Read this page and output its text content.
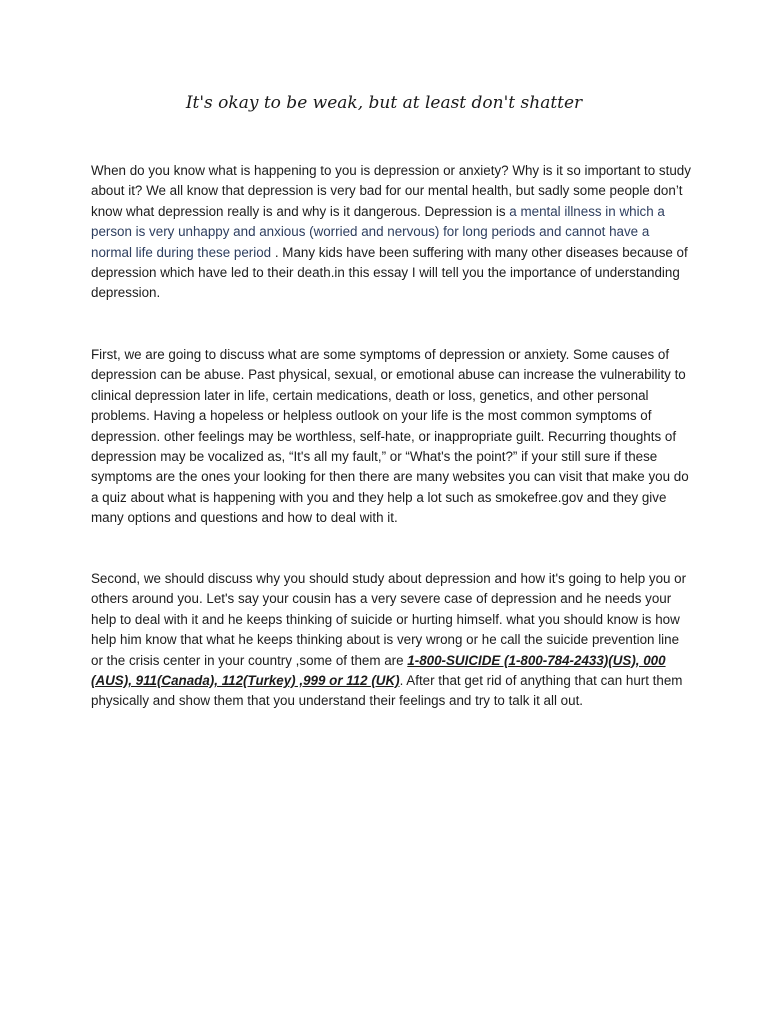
It's okay to be weak, but at least don't shatter

When do you know what is happening to you is depression or anxiety? Why is it so important to study about it? We all know that depression is very bad for our mental health, but sadly some people don’t know what depression really is and why is it dangerous. Depression is a mental illness in which a person is very unhappy and anxious (worried and nervous) for long periods and cannot have a normal life during these period . Many kids have been suffering with many other diseases because of depression which have led to their death.in this essay I will tell you the importance of understanding depression.

First, we are going to discuss what are some symptoms of depression or anxiety. Some causes of depression can be abuse. Past physical, sexual, or emotional abuse can increase the vulnerability to clinical depression later in life, certain medications, death or loss, genetics, and other personal problems. Having a hopeless or helpless outlook on your life is the most common symptoms of depression. other feelings may be worthless, self-hate, or inappropriate guilt. Recurring thoughts of depression may be vocalized as, “It's all my fault,” or “What's the point?” if your still sure if these symptoms are the ones your looking for then there are many websites you can visit that make you do a quiz about what is happening with you and they help a lot such as smokefree.gov and they give many options and questions and how to deal with it.

Second, we should discuss why you should study about depression and how it's going to help you or others around you. Let's say your cousin has a very severe case of depression and he needs your help to deal with it and he keeps thinking of suicide or hurting himself. what you should know is how help him know that what he keeps thinking about is very wrong or he call the suicide prevention line or the crisis center in your country ,some of them are 1-800-SUICIDE (1-800-784-2433)(US), 000 (AUS), 911(Canada), 112(Turkey) ,999 or 112 (UK). After that get rid of anything that can hurt them physically and show them that you understand their feelings and try to talk it all out.
